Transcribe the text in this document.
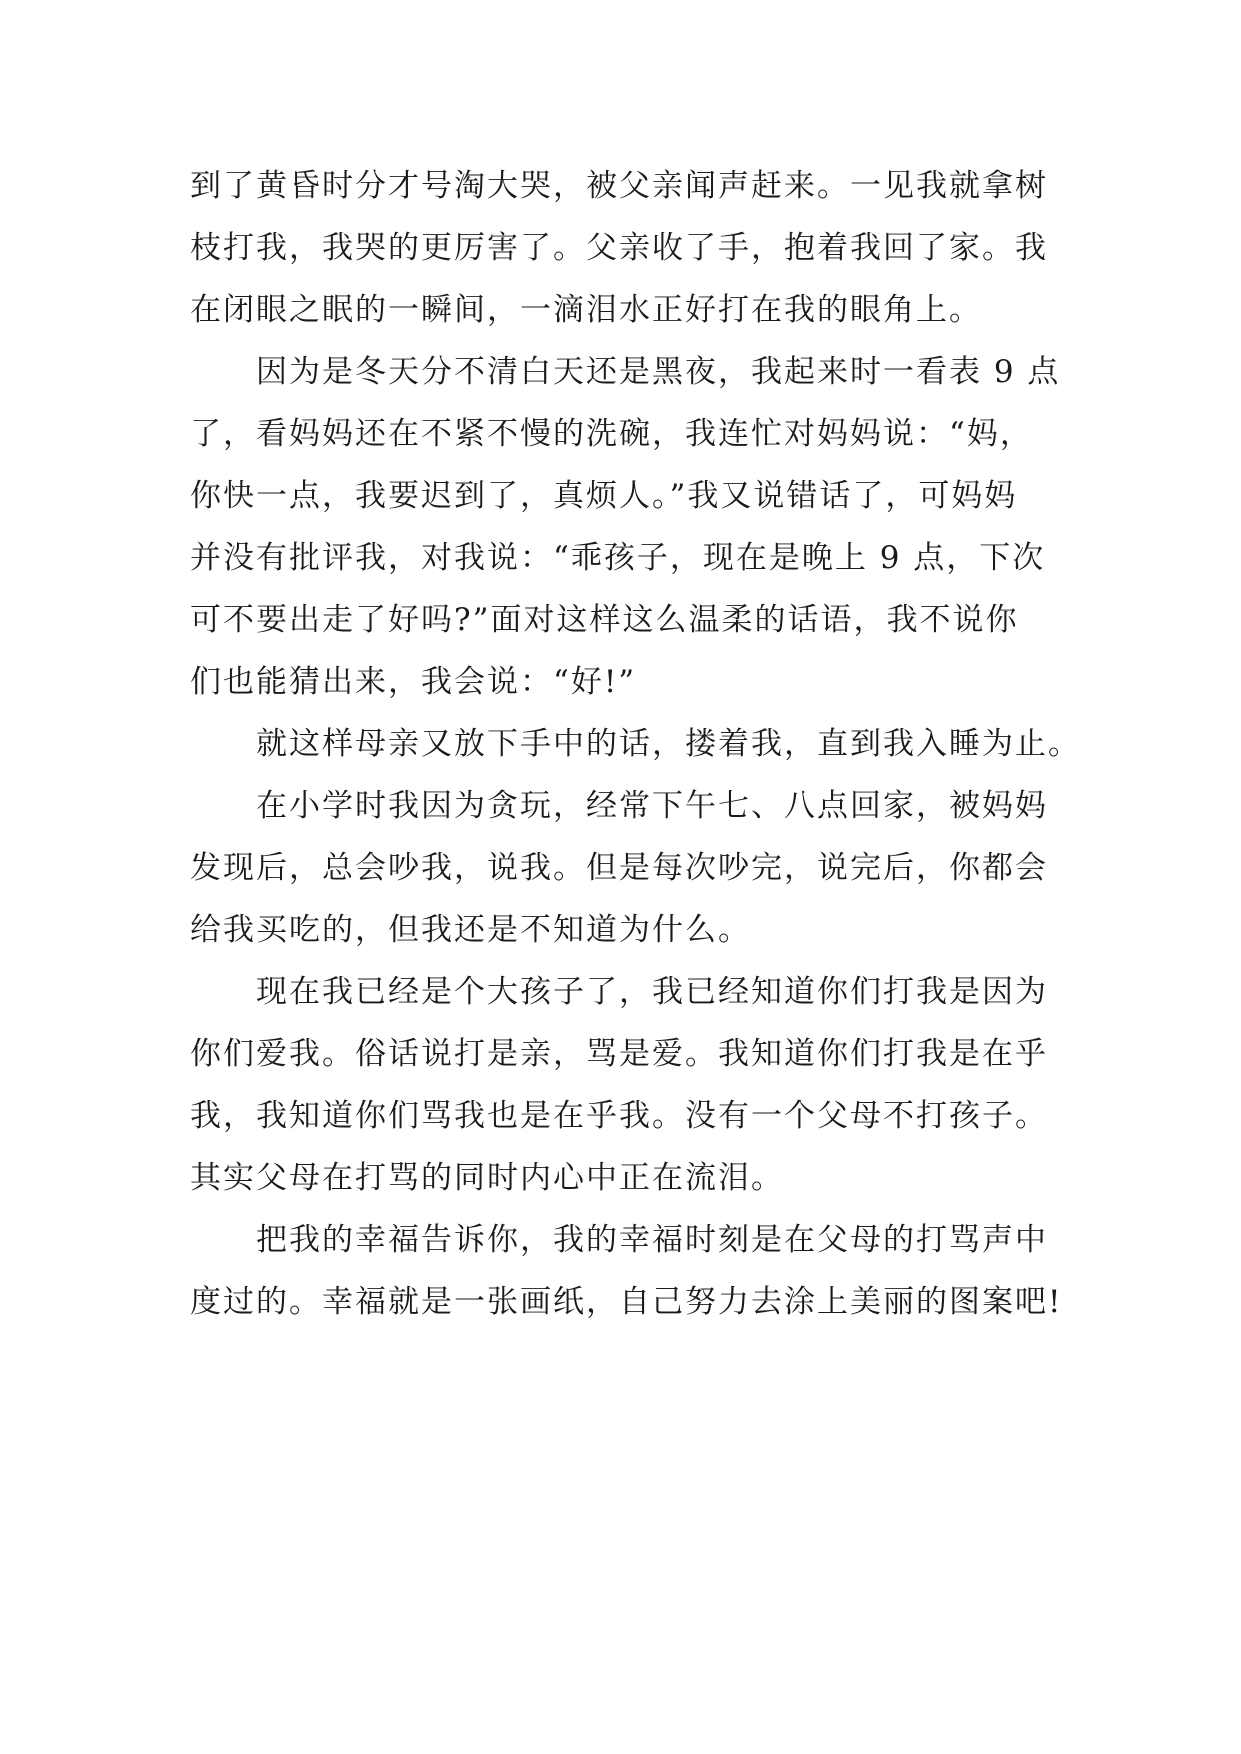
到了黄昏时分才号淘大哭，被父亲闻声赶来。一见我就拿树
枝打我，我哭的更厉害了。父亲收了手，抱着我回了家。我
在闭眼之眠的一瞬间，一滴泪水正好打在我的眼角上。
因为是冬天分不清白天还是黑夜，我起来时一看表 9 点
了，看妈妈还在不紧不慢的洗碗，我连忙对妈妈说：“妈，
你快一点，我要迟到了，真烦人。”我又说错话了，可妈妈
并没有批评我，对我说：“乖孩子，现在是晚上 9 点，下次
可不要出走了好吗?”面对这样这么温柔的话语，我不说你
们也能猜出来，我会说：“好!”
就这样母亲又放下手中的话，搂着我，直到我入睡为止。
在小学时我因为贪玩，经常下午七、八点回家，被妈妈
发现后，总会吵我，说我。但是每次吵完，说完后，你都会
给我买吃的，但我还是不知道为什么。
现在我已经是个大孩子了，我已经知道你们打我是因为
你们爱我。俗话说打是亲，骂是爱。我知道你们打我是在乎
我，我知道你们骂我也是在乎我。没有一个父母不打孩子。
其实父母在打骂的同时内心中正在流泪。
把我的幸福告诉你，我的幸福时刻是在父母的打骂声中
度过的。幸福就是一张画纸，自己努力去涂上美丽的图案吧!
